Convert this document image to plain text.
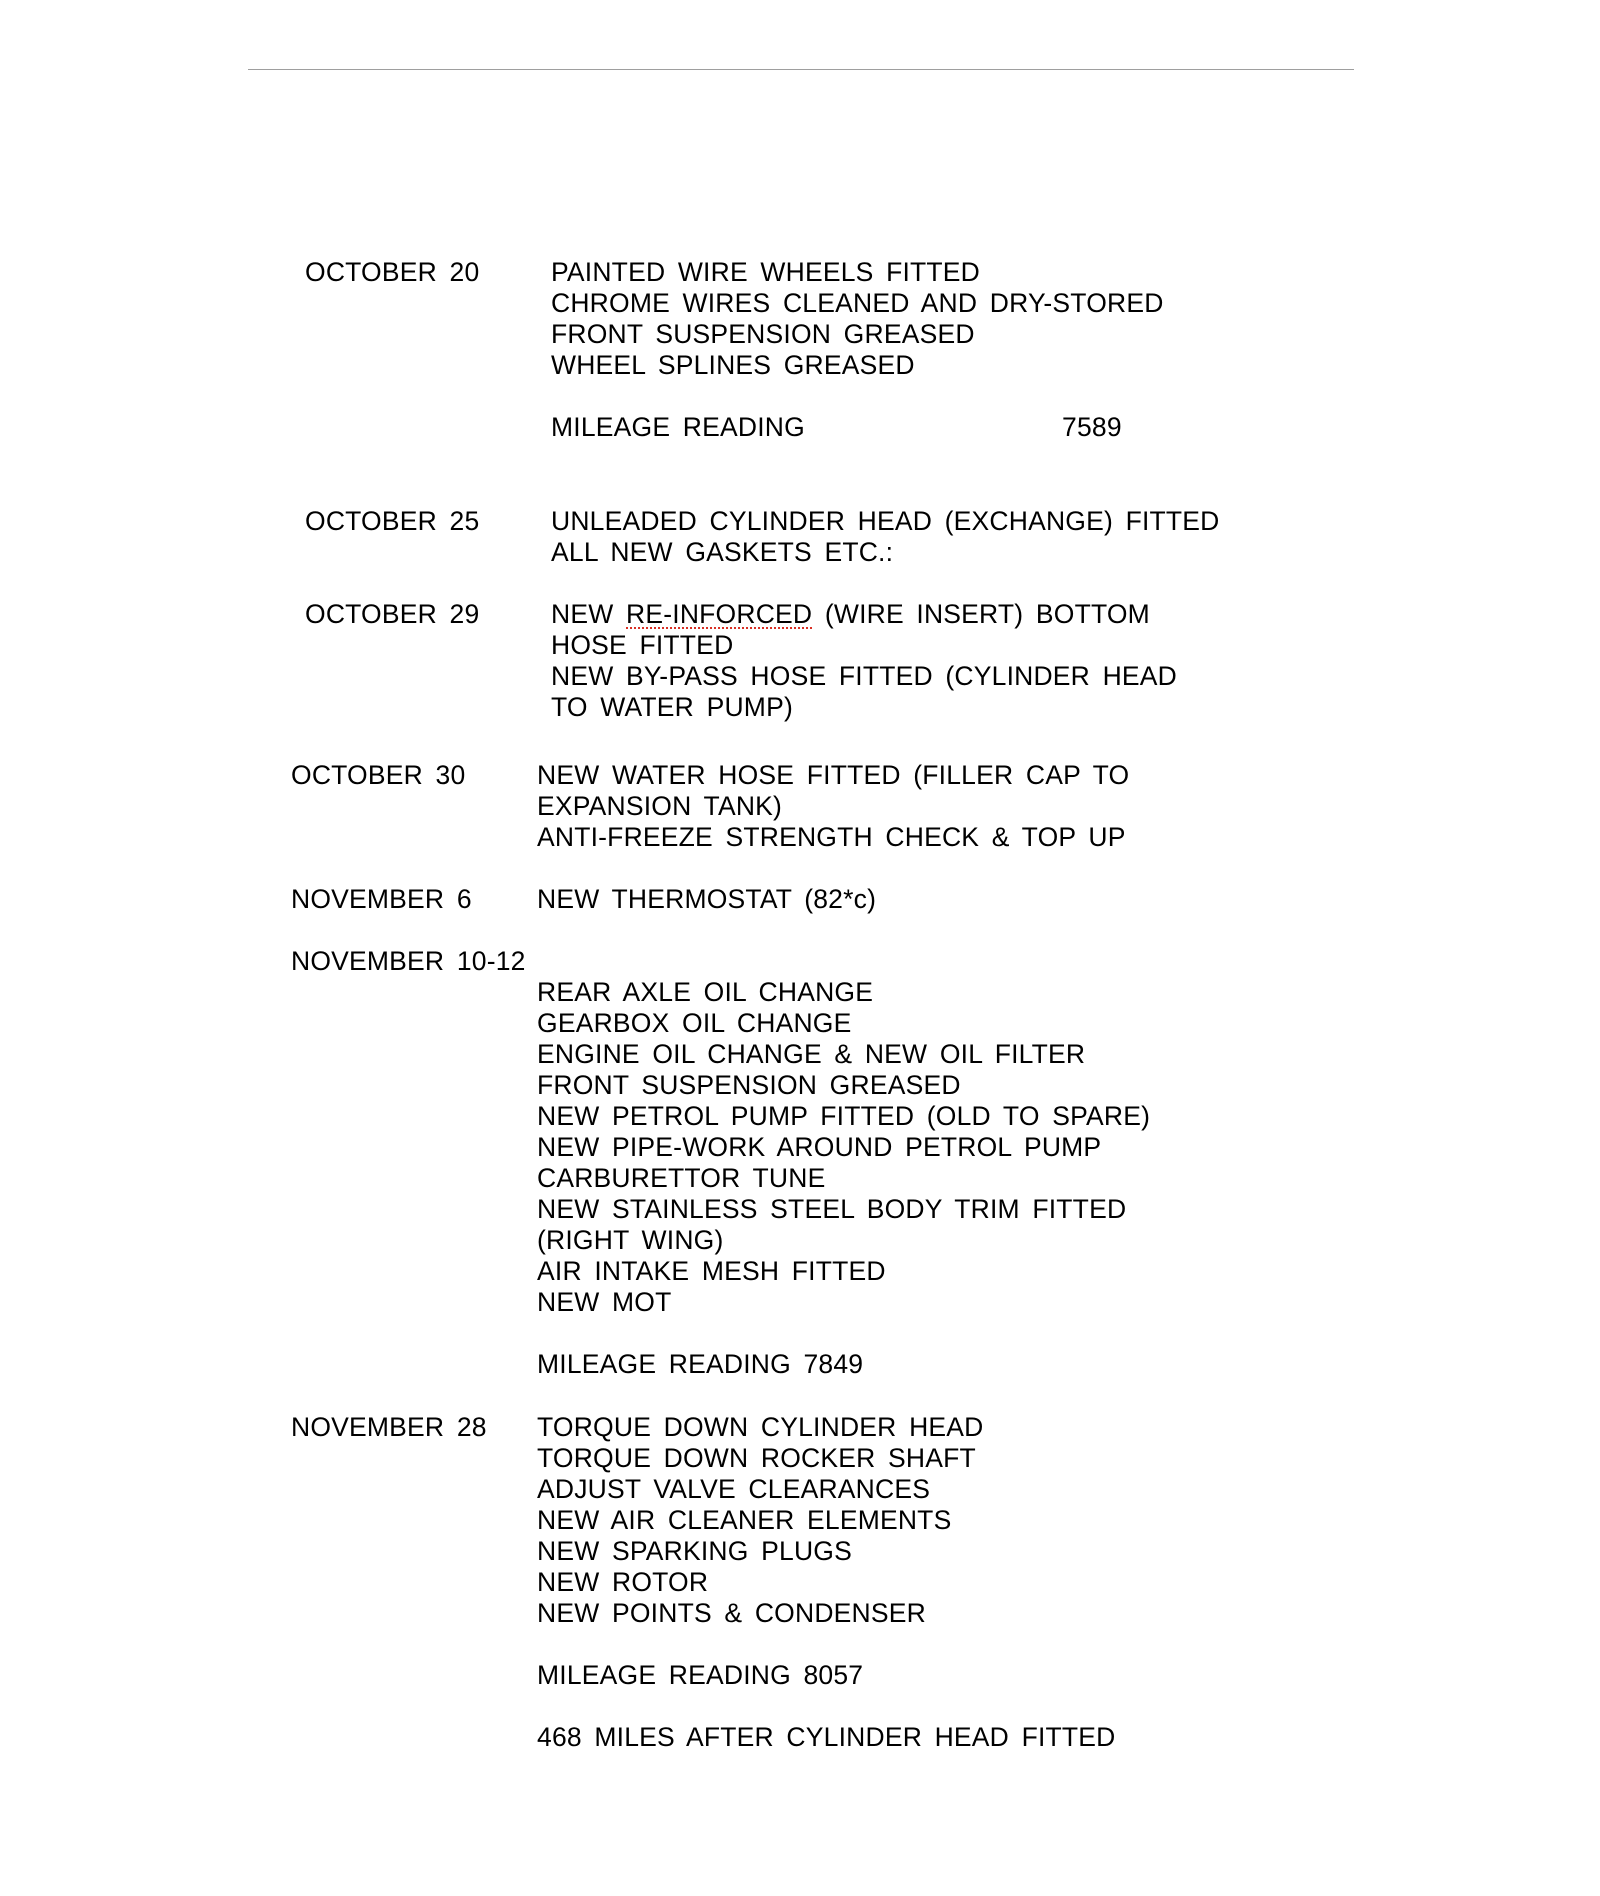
OCTOBER 20	PAINTED WIRE WHEELS FITTED
CHROME WIRES CLEANED AND DRY-STORED
FRONT SUSPENSION GREASED
WHEEL SPLINES GREASED
MILEAGE READING	7589
OCTOBER 25	UNLEADED CYLINDER HEAD (EXCHANGE) FITTED
ALL NEW GASKETS ETC.:
OCTOBER 29	NEW RE-INFORCED (WIRE INSERT) BOTTOM
HOSE FITTED
NEW BY-PASS HOSE FITTED (CYLINDER HEAD
TO WATER PUMP)
OCTOBER 30	NEW WATER HOSE FITTED (FILLER CAP TO
EXPANSION TANK)
ANTI-FREEZE STRENGTH CHECK & TOP UP
NOVEMBER 6 NEW THERMOSTAT (82*c)
NOVEMBER 10-12
REAR AXLE OIL CHANGE
GEARBOX OIL CHANGE
ENGINE OIL CHANGE & NEW OIL FILTER
FRONT SUSPENSION GREASED
NEW PETROL PUMP FITTED (OLD TO SPARE)
NEW PIPE-WORK AROUND PETROL PUMP
CARBURETTOR TUNE
NEW STAINLESS STEEL BODY TRIM FITTED
(RIGHT WING)
AIR INTAKE MESH FITTED
NEW MOT
MILEAGE READING 7849
NOVEMBER 28 TORQUE DOWN CYLINDER HEAD
TORQUE DOWN ROCKER SHAFT
ADJUST VALVE CLEARANCES
NEW AIR CLEANER ELEMENTS
NEW SPARKING PLUGS
NEW ROTOR
NEW POINTS & CONDENSER
MILEAGE READING 8057
468 MILES AFTER CYLINDER HEAD FITTED
